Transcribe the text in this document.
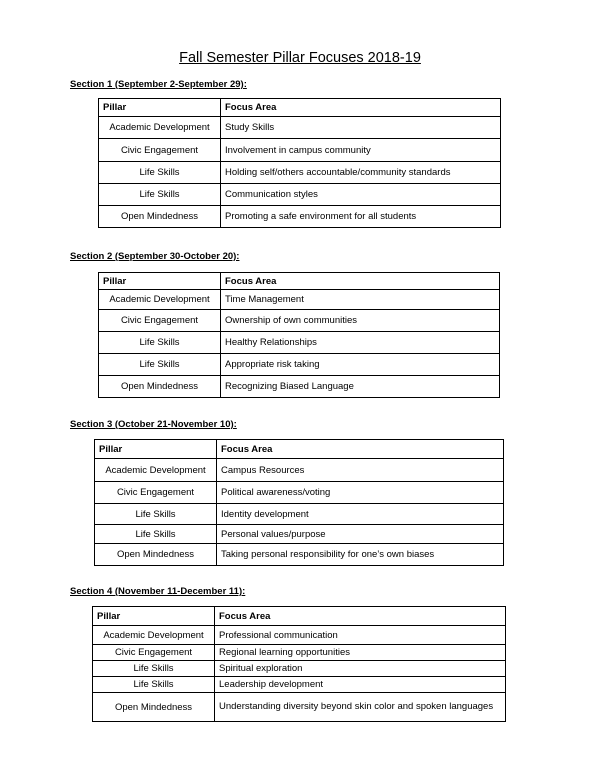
Fall Semester Pillar Focuses 2018-19
Section 1 (September 2-September 29):
Pillar	Focus Area
Academic Development	Study Skills
Civic Engagement	Involvement in campus community
Life Skills	Holding self/others accountable/community standards
Life Skills	Communication styles
Open Mindedness	Promoting a safe environment for all students
Section 2 (September 30-October 20):
Pillar	Focus Area
Academic Development	Time Management
Civic Engagement	Ownership of own communities
Life Skills	Healthy Relationships
Life Skills	Appropriate risk taking
Open Mindedness	Recognizing Biased Language
Section 3 (October 21-November 10):
Pillar	Focus Area
Academic Development	Campus Resources
Civic Engagement	Political awareness/voting
Life Skills	Identity development
Life Skills	Personal values/purpose
Open Mindedness	Taking personal responsibility for one’s own biases
Section 4 (November 11-December 11):
Pillar	Focus Area
Academic Development	Professional communication
Civic Engagement	Regional learning opportunities
Life Skills	Spiritual exploration
Life Skills	Leadership development
Open Mindedness	Understanding diversity beyond skin color and spoken languages
